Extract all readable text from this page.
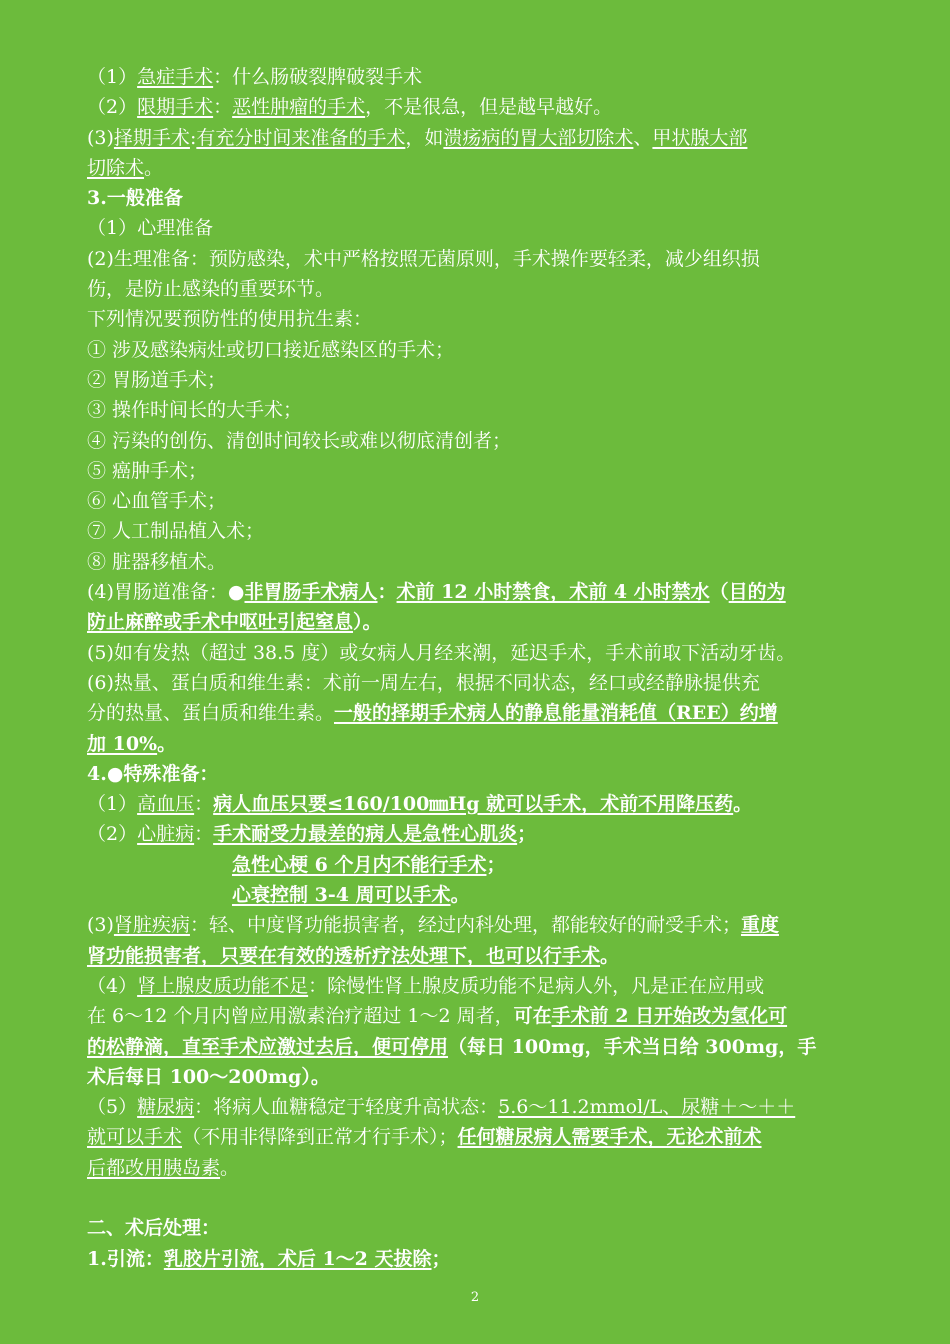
（1）急症手术：什么肠破裂脾破裂手术
（2）限期手术：恶性肿瘤的手术，不是很急，但是越早越好。
(3)择期手术:有充分时间来准备的手术，如溃疡病的胃大部切除术、甲状腺大部
切除术。
3.一般准备
（1）心理准备
(2)生理准备：预防感染，术中严格按照无菌原则，手术操作要轻柔，减少组织损
伤，是防止感染的重要环节。
下列情况要预防性的使用抗生素：
① 涉及感染病灶或切口接近感染区的手术；
② 胃肠道手术；
③ 操作时间长的大手术；
④ 污染的创伤、清创时间较长或难以彻底清创者；
⑤ 癌肿手术；
⑥ 心血管手术；
⑦ 人工制品植入术；
⑧ 脏器移植术。
(4)胃肠道准备：●非胃肠手术病人：术前 12 小时禁食，术前 4 小时禁水（目的为
防止麻醉或手术中呕吐引起窒息）。
(5)如有发热（超过 38.5 度）或女病人月经来潮，延迟手术，手术前取下活动牙齿。
(6)热量、蛋白质和维生素：术前一周左右，根据不同状态，经口或经静脉提供充
分的热量、蛋白质和维生素。一般的择期手术病人的静息能量消耗值（REE）约增
加 10%。
4.●特殊准备：
（1）高血压：病人血压只要≤160/100㎜Hg 就可以手术，术前不用降压药。
（2）心脏病：手术耐受力最差的病人是急性心肌炎；
急性心梗 6 个月内不能行手术；
心衰控制 3-4 周可以手术。
(3)肾脏疾病：轻、中度肾功能损害者，经过内科处理，都能较好的耐受手术；重度
肾功能损害者，只要在有效的透析疗法处理下，也可以行手术。
（4）肾上腺皮质功能不足：除慢性肾上腺皮质功能不足病人外，凡是正在应用或
在 6～12 个月内曾应用激素治疗超过 1～2 周者，可在手术前 2 日开始改为氢化可
的松静滴，直至手术应激过去后，便可停用（每日 100mg，手术当日给 300mg，手
术后每日 100～200mg）。
（5）糖尿病：将病人血糖稳定于轻度升高状态：5.6～11.2mmol/L、尿糖＋～＋＋
就可以手术（不用非得降到正常才行手术）；任何糖尿病人需要手术，无论术前术
后都改用胰岛素。
二、术后处理：
1.引流：乳胶片引流，术后 1～2 天拔除；
2
